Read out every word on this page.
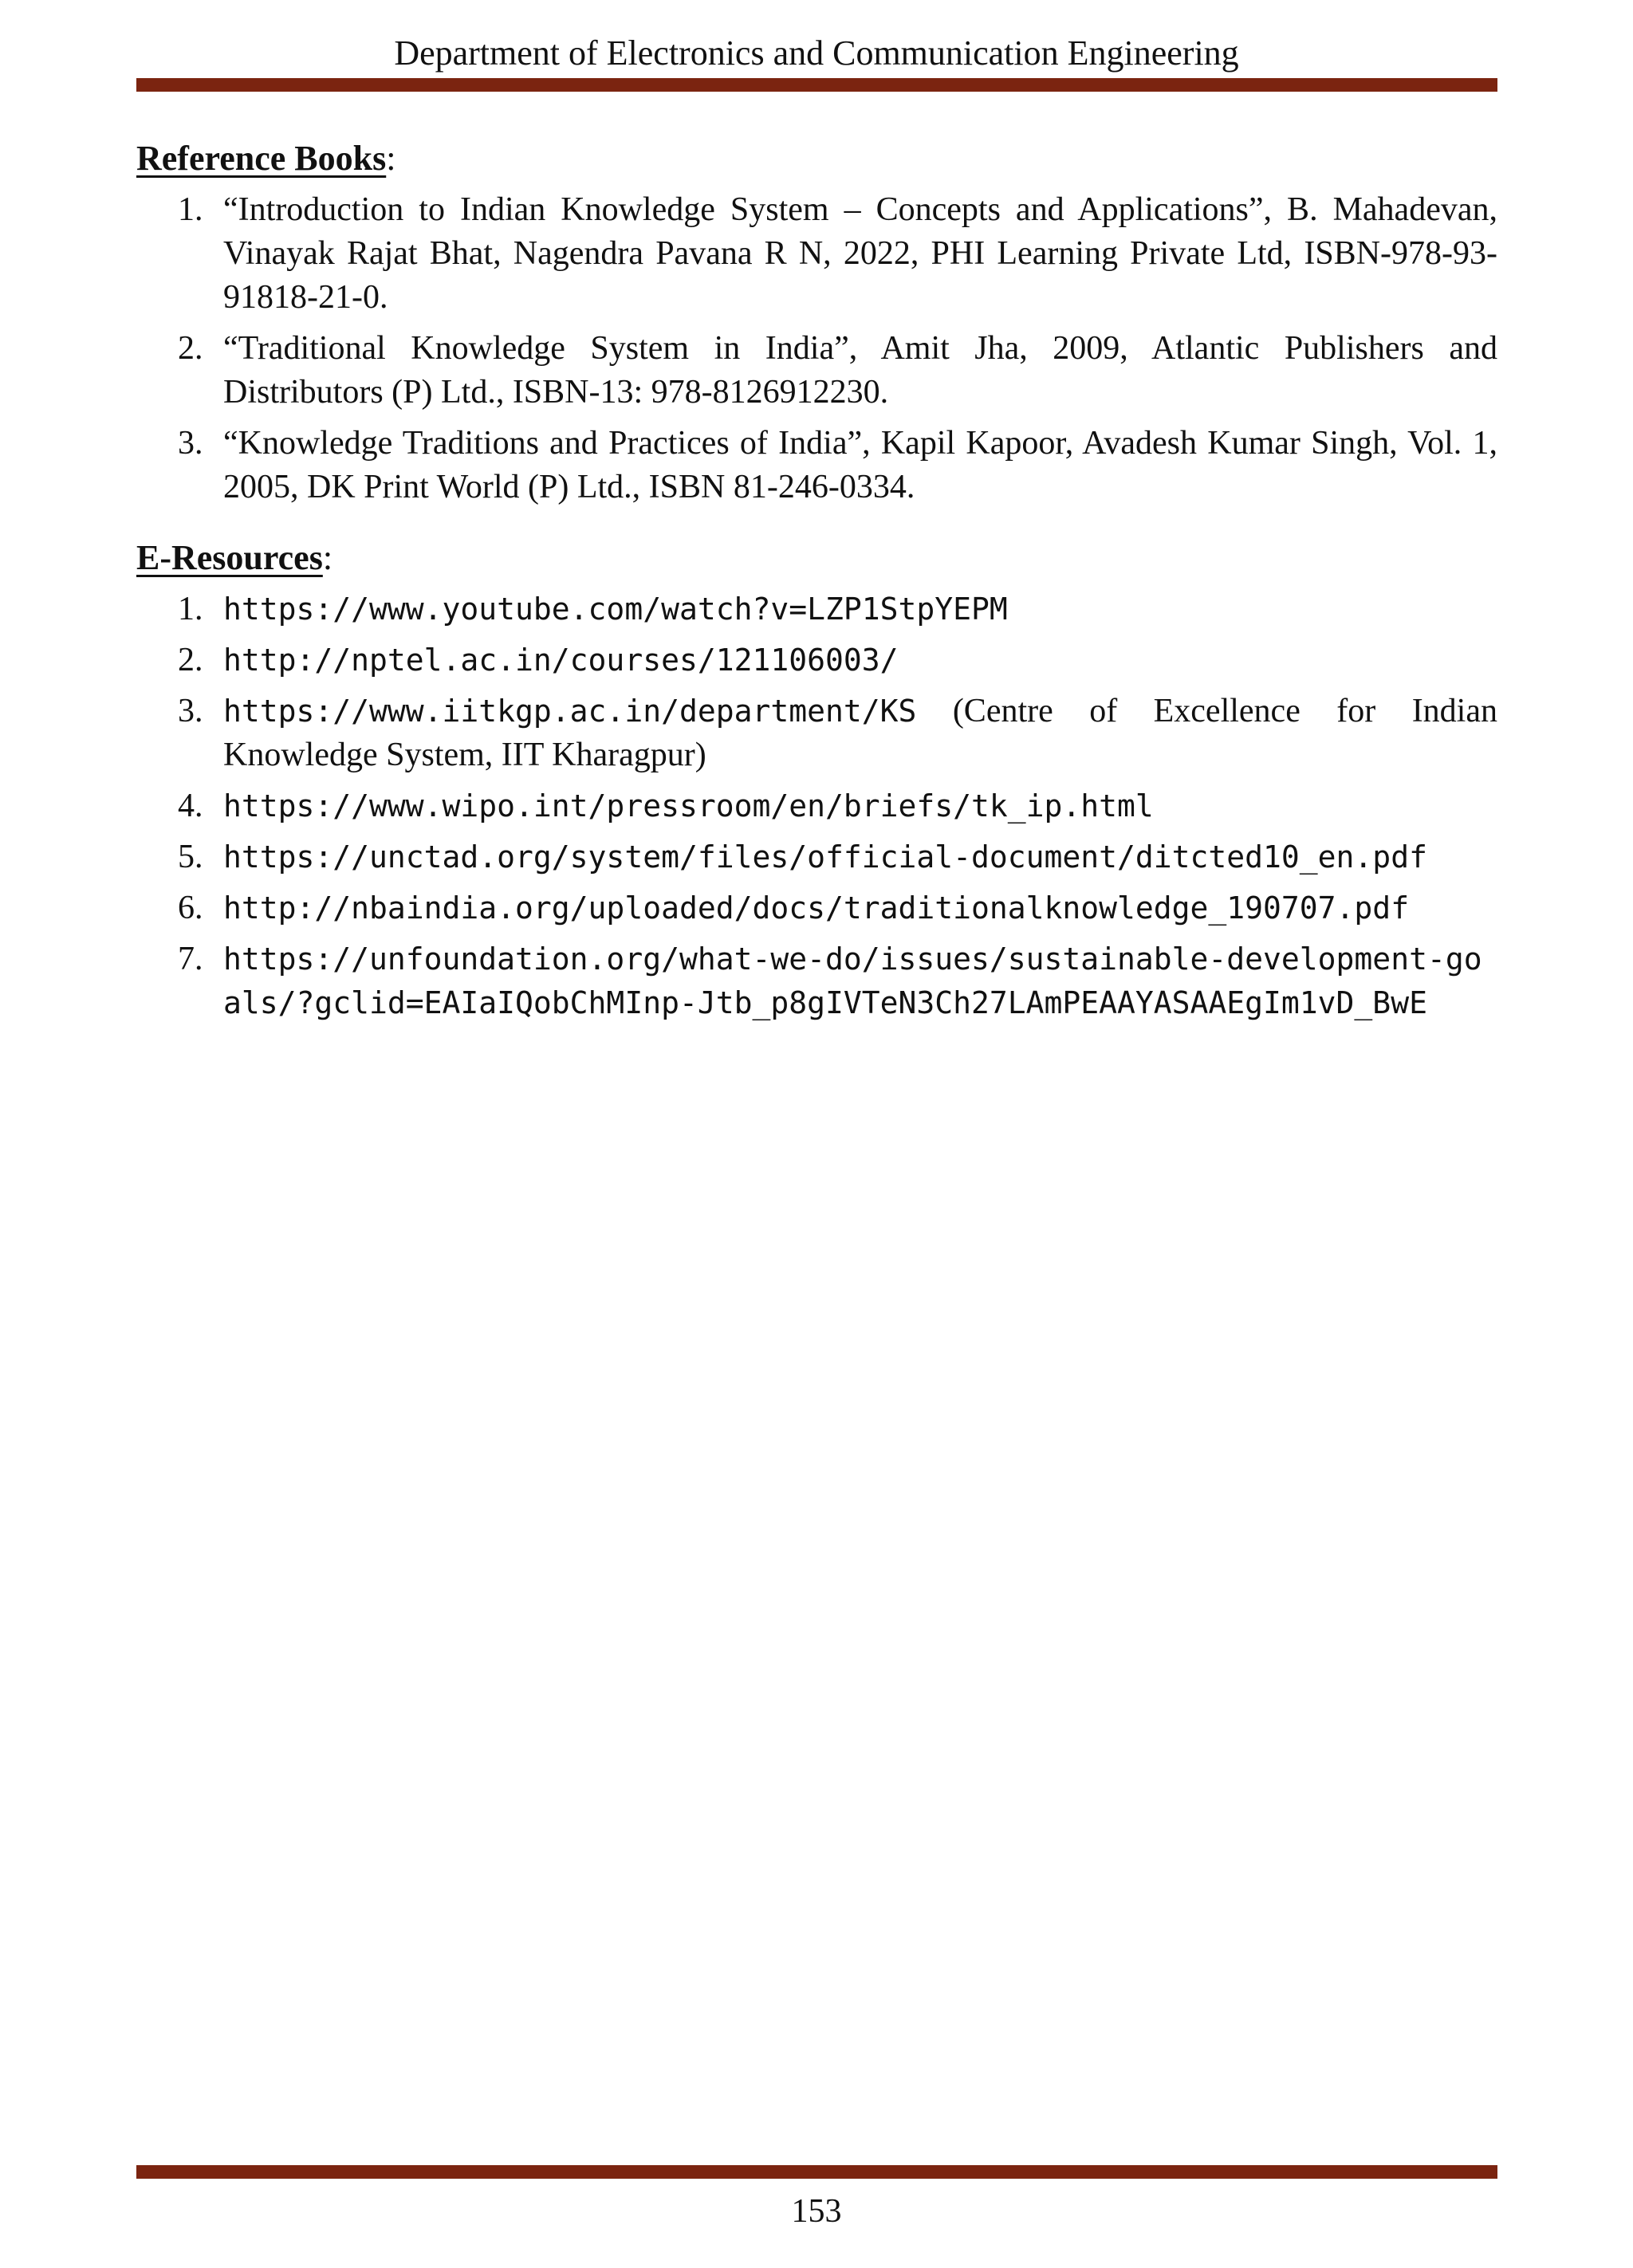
Department of Electronics and Communication Engineering
Reference Books:
1. “Introduction to Indian Knowledge System – Concepts and Applications”, B. Mahadevan, Vinayak Rajat Bhat, Nagendra Pavana R N, 2022, PHI Learning Private Ltd, ISBN-978-93-91818-21-0.
2. “Traditional Knowledge System in India”, Amit Jha, 2009, Atlantic Publishers and Distributors (P) Ltd., ISBN-13: 978-8126912230.
3. “Knowledge Traditions and Practices of India”, Kapil Kapoor, Avadesh Kumar Singh, Vol. 1, 2005, DK Print World (P) Ltd., ISBN 81-246-0334.
E-Resources:
1. https://www.youtube.com/watch?v=LZP1StpYEPM
2. http://nptel.ac.in/courses/121106003/
3. https://www.iitkgp.ac.in/department/KS (Centre of Excellence for Indian Knowledge System, IIT Kharagpur)
4. https://www.wipo.int/pressroom/en/briefs/tk_ip.html
5. https://unctad.org/system/files/official-document/ditcted10_en.pdf
6. http://nbaindia.org/uploaded/docs/traditionalknowledge_190707.pdf
7. https://unfoundation.org/what-we-do/issues/sustainable-development-goals/?gclid=EAIaIQobChMInp-Jtb_p8gIVTeN3Ch27LAmPEAAYASAAEgIm1vD_BwE
153
